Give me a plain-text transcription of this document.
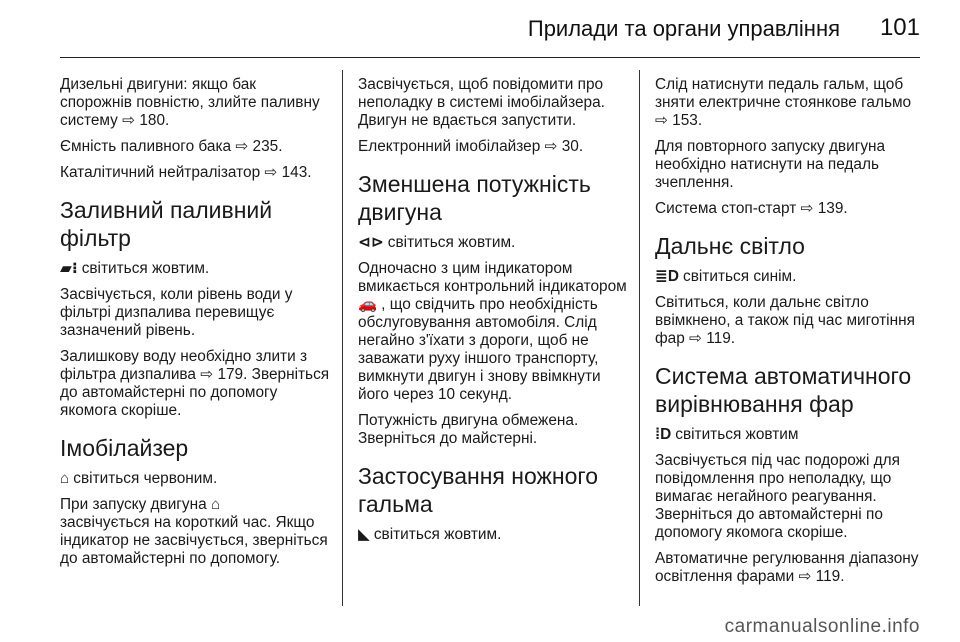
Прилади та органи управління 101

Дизельні двигуни: якщо бак спорожнів повністю, злийте паливну систему ⇨ 180.

Ємність паливного бака ⇨ 235.

Каталітичний нейтралізатор ⇨ 143.

Заливний паливний фільтр

▰⁝ світиться жовтим.

Засвічується, коли рівень води у фільтрі дизпалива перевищує зазначений рівень.

Залишкову воду необхідно злити з фільтра дизпалива ⇨ 179. Зверніться до автомайстерні по допомогу якомога скоріше.

Імобілайзер

⌂ світиться червоним.

При запуску двигуна ⌂
засвічується на короткий час. Якщо індикатор не засвічується, зверніться до автомайстерні по допомогу.

Засвічується, щоб повідомити про неполадку в системі імобілайзера. Двигун не вдається запустити.

Електронний імобілайзер ⇨ 30.

Зменшена потужність двигуна

⊲⊳ світиться жовтим.

Одночасно з цим індикатором вмикається контрольний індикатором 🚗 , що свідчить про необхідність обслуговування автомобіля. Слід негайно з'їхати з дороги, щоб не заважати руху іншого транспорту, вимкнути двигун і знову ввімкнути його через 10 секунд.

Потужність двигуна обмежена. Зверніться до майстерні.

Застосування ножного гальма

◣ світиться жовтим.

Слід натиснути педаль гальм, щоб зняти електричне стоянкове гальмо ⇨ 153.

Для повторного запуску двигуна необхідно натиснути на педаль зчеплення.

Система стоп-старт ⇨ 139.

Дальнє світло

≣D світиться синім.

Світиться, коли дальнє світло ввімкнено, а також під час миготіння фар ⇨ 119.

Система автоматичного вирівнювання фар

⁞D світиться жовтим

Засвічується під час подорожі для повідомлення про неполадку, що вимагає негайного реагування. Зверніться до автомайстерні по допомогу якомога скоріше.

Автоматичне регулювання діапазону освітлення фарами ⇨ 119.

carmanualsonline.info
